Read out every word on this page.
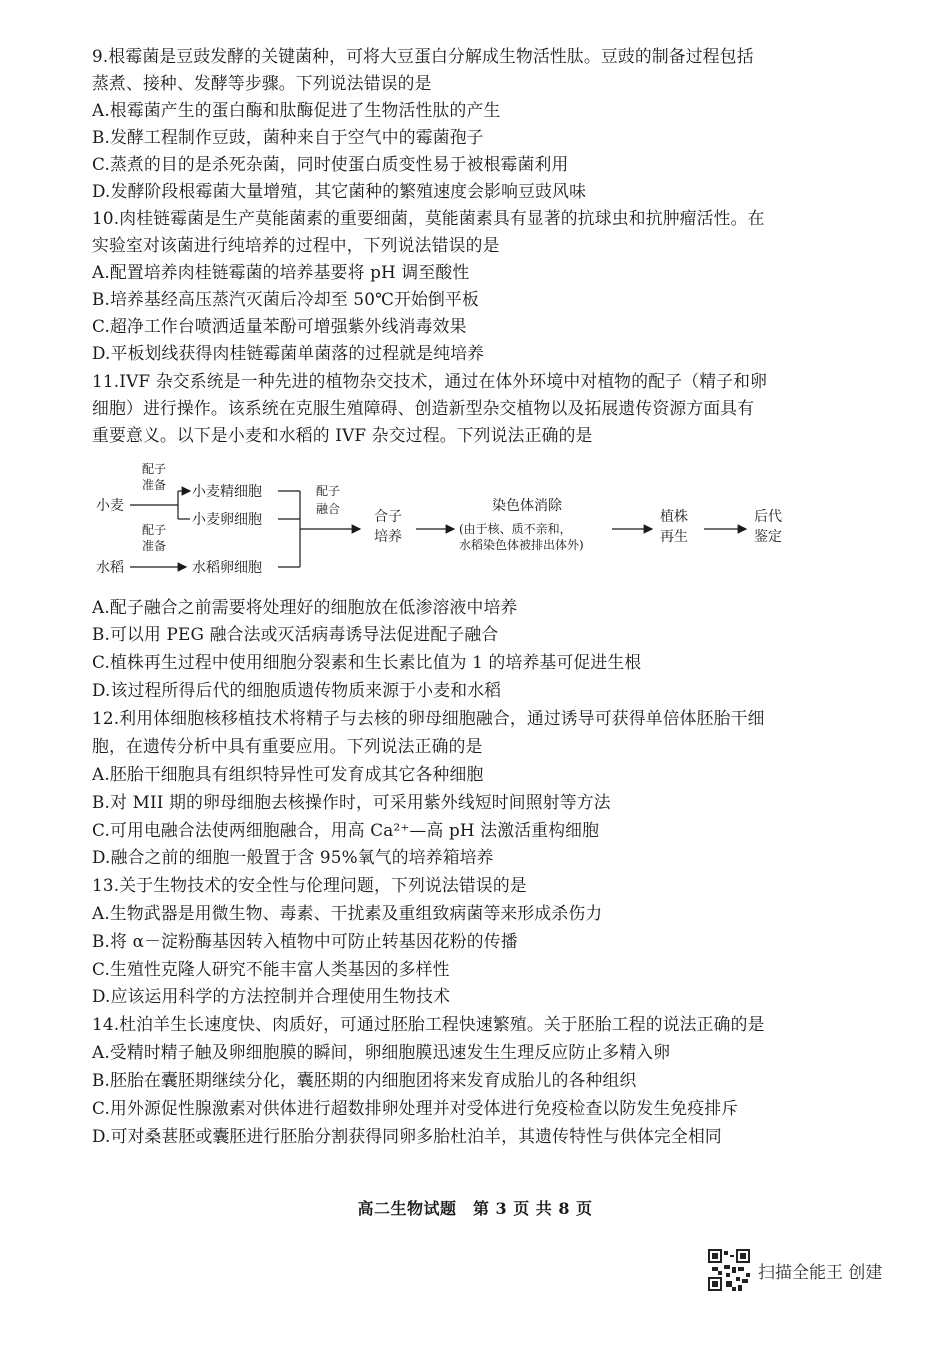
9.根霉菌是豆豉发酵的关键菌种，可将大豆蛋白分解成生物活性肽。豆豉的制备过程包括
蒸煮、接种、发酵等步骤。下列说法错误的是
A.根霉菌产生的蛋白酶和肽酶促进了生物活性肽的产生
B.发酵工程制作豆豉，菌种来自于空气中的霉菌孢子
C.蒸煮的目的是杀死杂菌，同时使蛋白质变性易于被根霉菌利用
D.发酵阶段根霉菌大量增殖，其它菌种的繁殖速度会影响豆豉风味
10.肉桂链霉菌是生产莫能菌素的重要细菌，莫能菌素具有显著的抗球虫和抗肿瘤活性。在
实验室对该菌进行纯培养的过程中，下列说法错误的是
A.配置培养肉桂链霉菌的培养基要将 pH 调至酸性
B.培养基经高压蒸汽灭菌后冷却至 50℃开始倒平板
C.超净工作台喷洒适量苯酚可增强紫外线消毒效果
D.平板划线获得肉桂链霉菌单菌落的过程就是纯培养
11.IVF 杂交系统是一种先进的植物杂交技术，通过在体外环境中对植物的配子（精子和卵
细胞）进行操作。该系统在克服生殖障碍、创造新型杂交植物以及拓展遗传资源方面具有
重要意义。以下是小麦和水稻的 IVF 杂交过程。下列说法正确的是
小麦
配子
准备 小麦精细胞
小麦卵细胞
配子
准备
水稻	水稻卵细胞
配子
融合 合子
培养
染色体消除
(由于核、质不亲和，
水稻染色体被排出体外)
植株
再生
后代
鉴定
A.配子融合之前需要将处理好的细胞放在低渗溶液中培养
B.可以用 PEG 融合法或灭活病毒诱导法促进配子融合
C.植株再生过程中使用细胞分裂素和生长素比值为 1 的培养基可促进生根
D.该过程所得后代的细胞质遗传物质来源于小麦和水稻
12.利用体细胞核移植技术将精子与去核的卵母细胞融合，通过诱导可获得单倍体胚胎干细
胞，在遗传分析中具有重要应用。下列说法正确的是
A.胚胎干细胞具有组织特异性可发育成其它各种细胞
B.对 MII 期的卵母细胞去核操作时，可采用紫外线短时间照射等方法
C.可用电融合法使两细胞融合，用高 Ca²⁺—高 pH 法激活重构细胞
D.融合之前的细胞一般置于含 95%氧气的培养箱培养
13.关于生物技术的安全性与伦理问题，下列说法错误的是
A.生物武器是用微生物、毒素、干扰素及重组致病菌等来形成杀伤力
B.将 α－淀粉酶基因转入植物中可防止转基因花粉的传播
C.生殖性克隆人研究不能丰富人类基因的多样性
D.应该运用科学的方法控制并合理使用生物技术
14.杜泊羊生长速度快、肉质好，可通过胚胎工程快速繁殖。关于胚胎工程的说法正确的是
A.受精时精子触及卵细胞膜的瞬间，卵细胞膜迅速发生生理反应防止多精入卵
B.胚胎在囊胚期继续分化，囊胚期的内细胞团将来发育成胎儿的各种组织
C.用外源促性腺激素对供体进行超数排卵处理并对受体进行免疫检查以防发生免疫排斥
D.可对桑葚胚或囊胚进行胚胎分割获得同卵多胎杜泊羊，其遗传特性与供体完全相同
高二生物试题　第 3 页 共 8 页
扫描全能王 创建
